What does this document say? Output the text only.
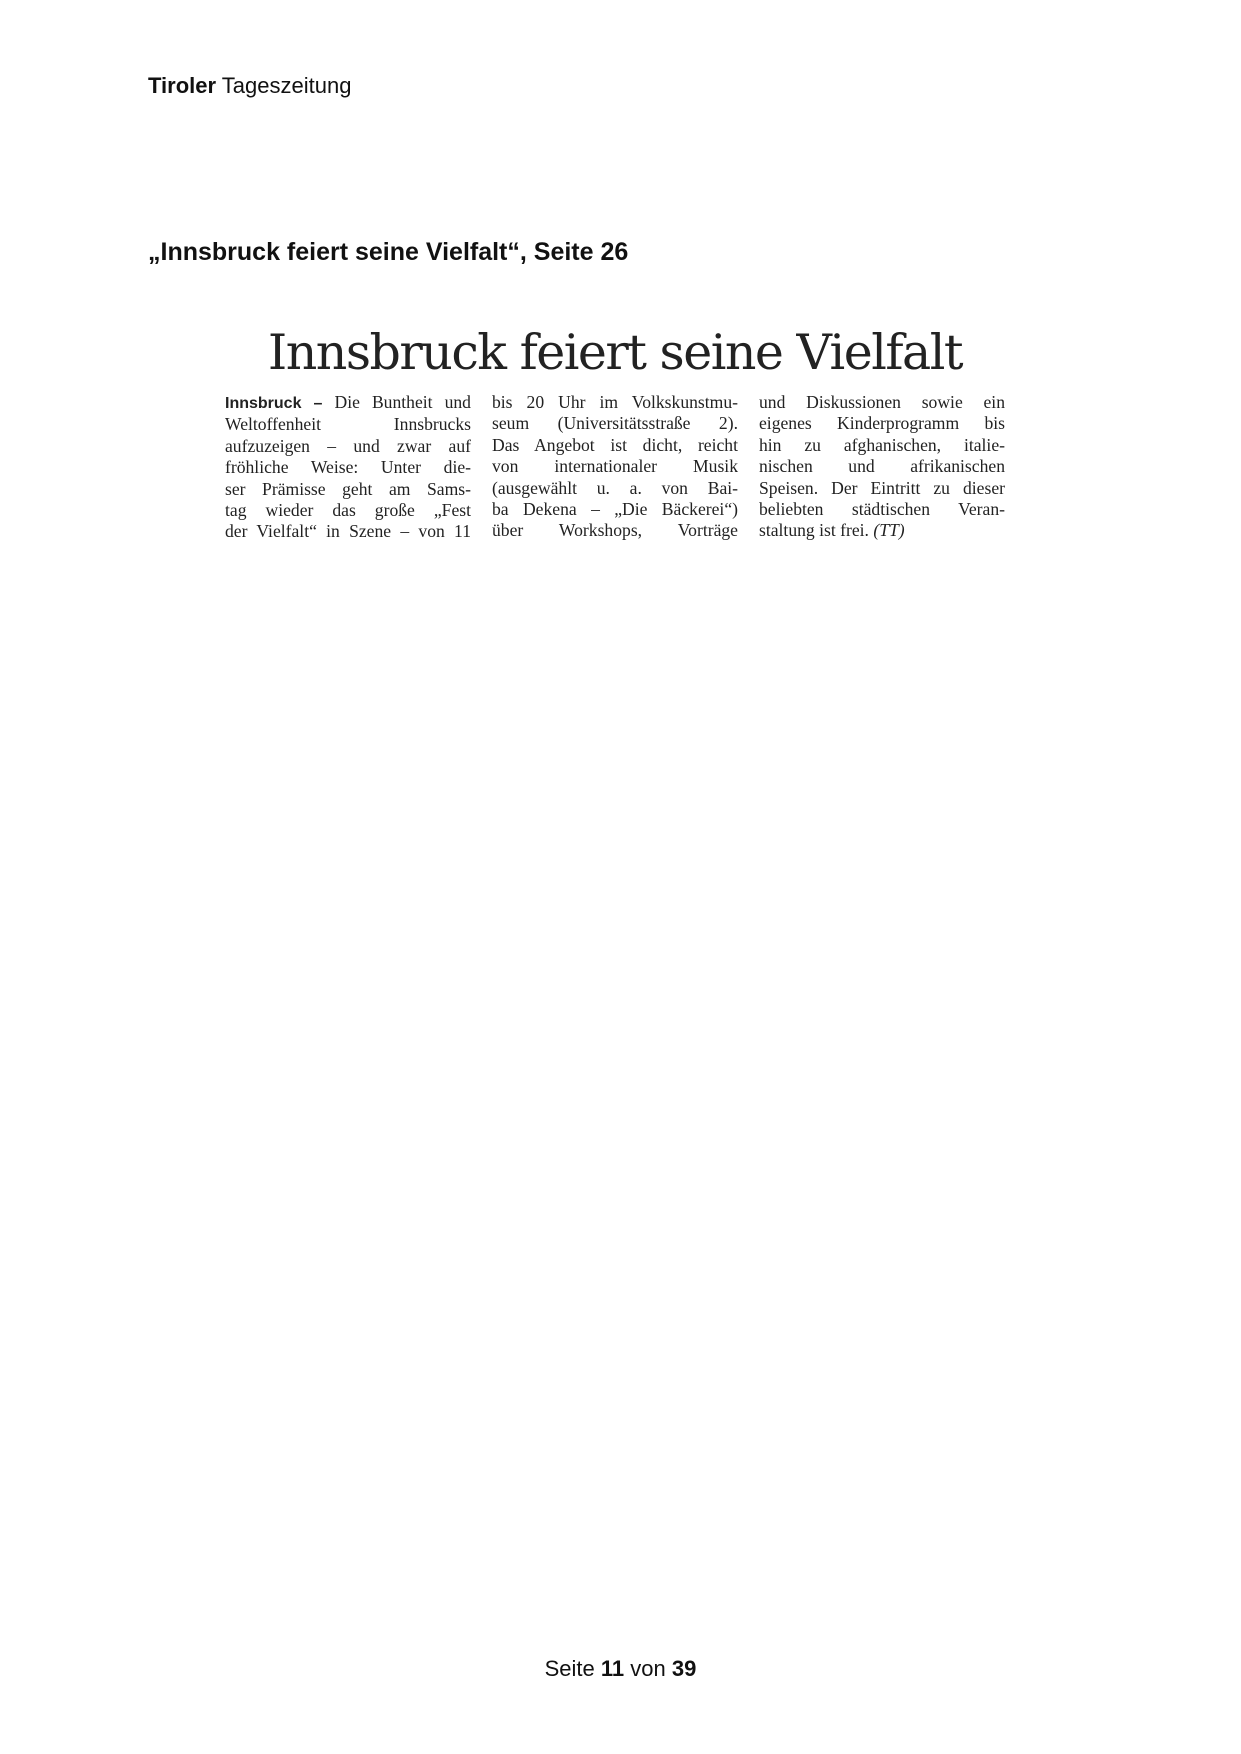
Tiroler Tageszeitung
„Innsbruck feiert seine Vielfalt“, Seite 26
Innsbruck feiert seine Vielfalt
Innsbruck – Die Buntheit und
Weltoffenheit Innsbrucks
aufzuzeigen – und zwar auf
fröhliche Weise: Unter die-
ser Prämisse geht am Sams-
tag wieder das große „Fest
der Vielfalt“ in Szene – von 11
bis 20 Uhr im Volkskunstmu-
seum (Universitätsstraße 2).
Das Angebot ist dicht, reicht
von internationaler Musik
(ausgewählt u. a. von Bai-
ba Dekena – „Die Bäckerei“)
über Workshops, Vorträge
und Diskussionen sowie ein
eigenes Kinderprogramm bis
hin zu afghanischen, italie-
nischen und afrikanischen
Speisen. Der Eintritt zu dieser
beliebten städtischen Veran-
staltung ist frei. (TT)
Seite 11 von 39
